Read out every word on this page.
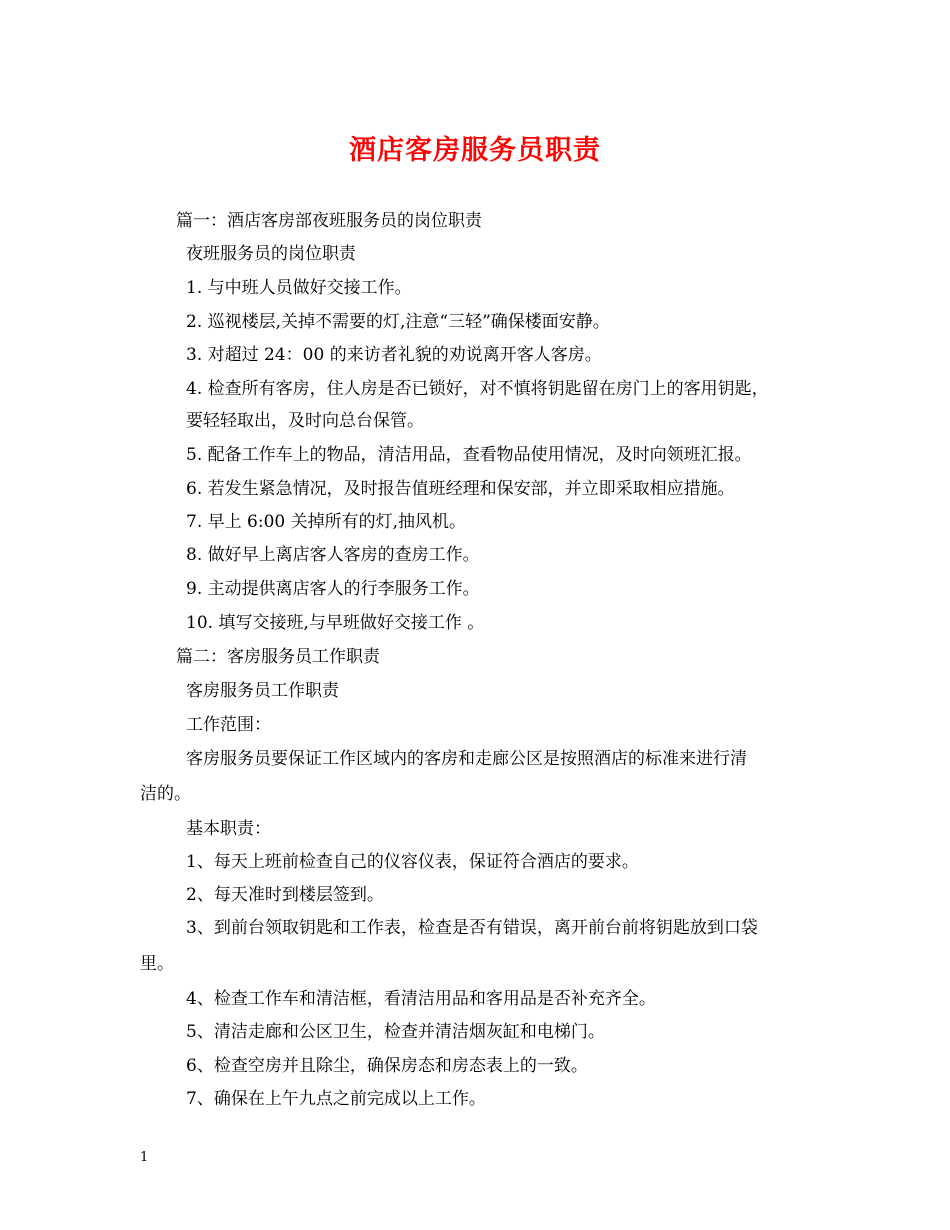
酒店客房服务员职责
篇一：酒店客房部夜班服务员的岗位职责
夜班服务员的岗位职责
1. 与中班人员做好交接工作。
2. 巡视楼层,关掉不需要的灯,注意“三轻”确保楼面安静。
3. 对超过 24：00 的来访者礼貌的劝说离开客人客房。
4. 检查所有客房，住人房是否已锁好，对不慎将钥匙留在房门上的客用钥匙，
要轻轻取出，及时向总台保管。
5. 配备工作车上的物品，清洁用品，查看物品使用情况，及时向领班汇报。
6. 若发生紧急情况，及时报告值班经理和保安部，并立即采取相应措施。
7. 早上 6:00 关掉所有的灯,抽风机。
8. 做好早上离店客人客房的查房工作。
9. 主动提供离店客人的行李服务工作。
10. 填写交接班,与早班做好交接工作 。
篇二：客房服务员工作职责
客房服务员工作职责
工作范围：
客房服务员要保证工作区域内的客房和走廊公区是按照酒店的标准来进行清
洁的。
基本职责：
1、每天上班前检查自己的仪容仪表，保证符合酒店的要求。
2、每天准时到楼层签到。
3、到前台领取钥匙和工作表，检查是否有错误，离开前台前将钥匙放到口袋
里。
4、检查工作车和清洁框，看清洁用品和客用品是否补充齐全。
5、清洁走廊和公区卫生，检查并清洁烟灰缸和电梯门。
6、检查空房并且除尘，确保房态和房态表上的一致。
7、确保在上午九点之前完成以上工作。
1
